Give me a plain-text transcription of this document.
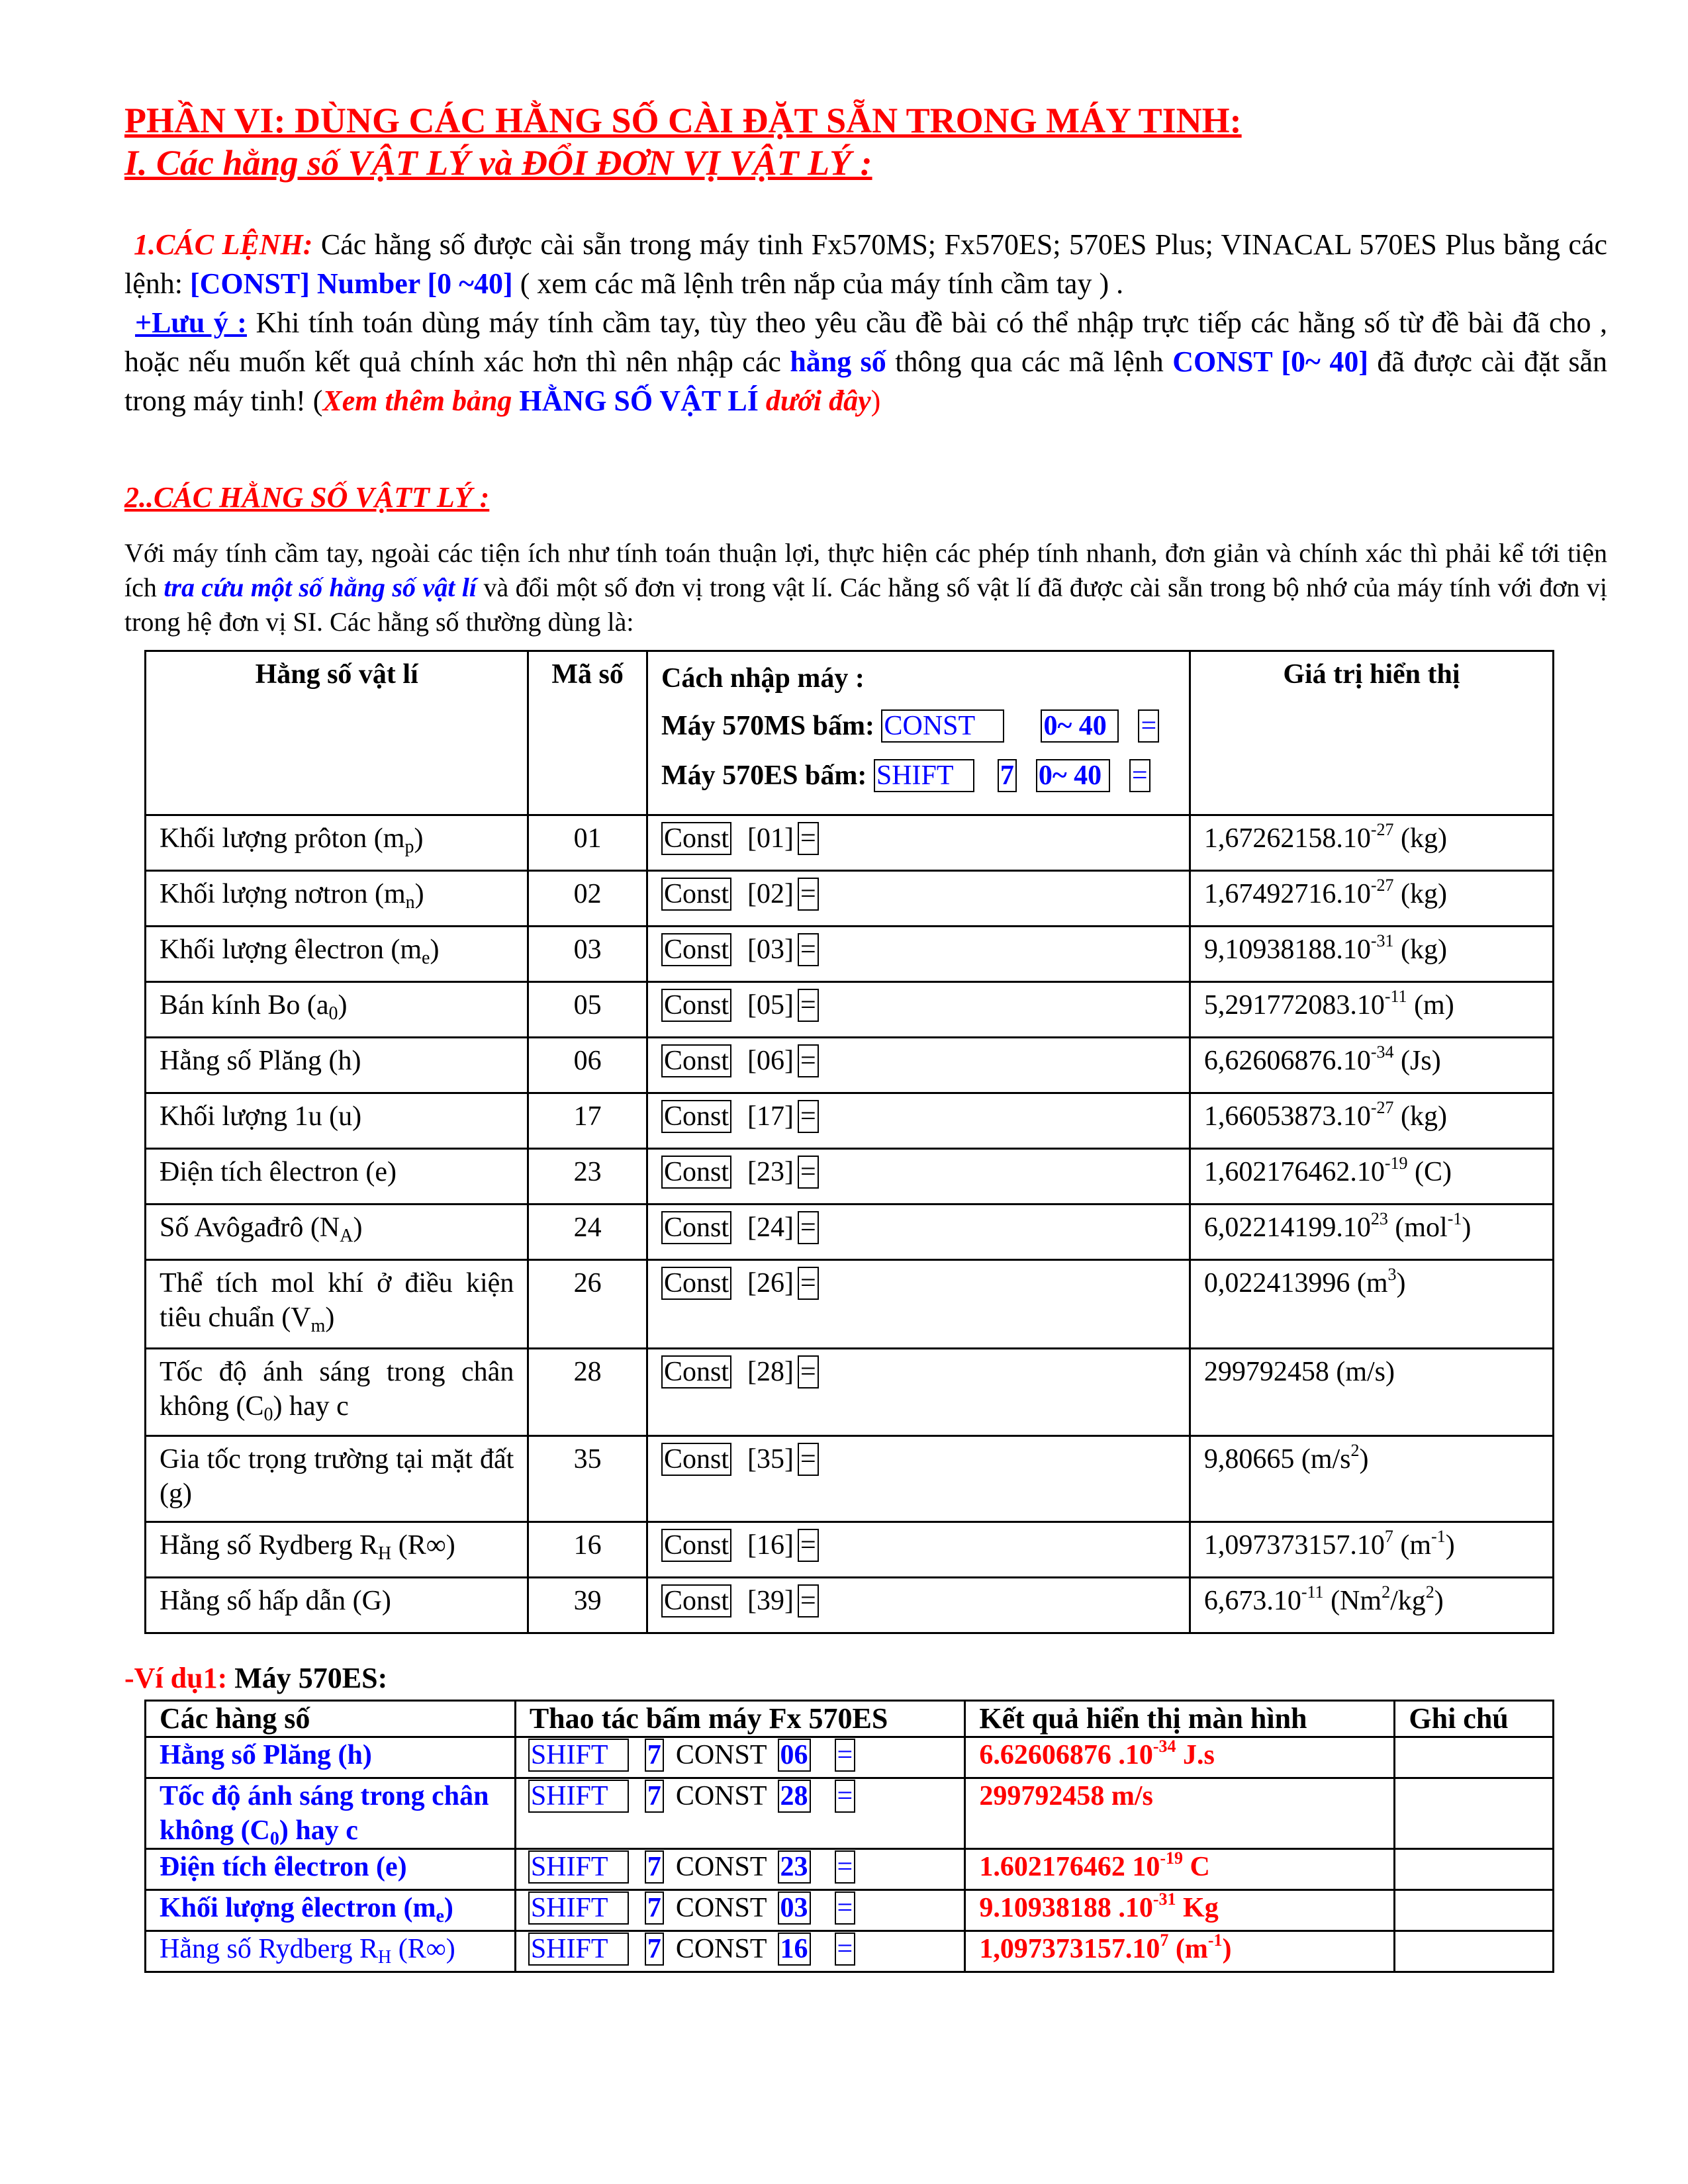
PHẦN VI: DÙNG CÁC HẰNG SỐ CÀI ĐẶT SẴN TRONG MÁY TINH:
I. Các hằng số VẬT LÝ và ĐỔI ĐƠN VỊ VẬT LÝ :
1.CÁC LỆNH: Các hằng số được cài sẵn trong máy tinh Fx570MS; Fx570ES; 570ES Plus; VINACAL 570ES Plus bằng các lệnh: [CONST] Number [0 ~40] ( xem các mã lệnh trên nắp của máy tính cầm tay ) .
+Lưu ý : Khi tính toán dùng máy tính cầm tay, tùy theo yêu cầu đề bài có thể nhập trực tiếp các hằng số từ đề bài đã cho , hoặc nếu muốn kết quả chính xác hơn thì nên nhập các hằng số thông qua các mã lệnh CONST [0~ 40] đã được cài đặt sẵn trong máy tinh! (Xem thêm bảng HẰNG SỐ VẬT LÍ dưới đây)
2..CÁC HẰNG SỐ VẬTT LÝ :
Với máy tính cầm tay, ngoài các tiện ích như tính toán thuận lợi, thực hiện các phép tính nhanh, đơn giản và chính xác thì phải kể tới tiện ích tra cứu một số hằng số vật lí và đổi một số đơn vị trong vật lí. Các hằng số vật lí đã được cài sẵn trong bộ nhớ của máy tính với đơn vị trong hệ đơn vị SI. Các hằng số thường dùng là:
Hằng số vật lí	Mã số	Cách nhập máy :
Máy 570MS bấm: CONST 0~ 40 =
Máy 570ES bấm: SHIFT 7 0~ 40 =	Giá trị hiển thị
Khối lượng prôton $(m_p)$	01	Const [01] =	$1,67262158.10^{-27}$ (kg)
Khối lượng nơtron $(m_n)$	02	Const [02] =	$1,67492716.10^{-27}$ (kg)
Khối lượng êlectron $(m_e)$	03	Const [03] =	$9,10938188.10^{-31}$ (kg)
Bán kính Bo $(a_0)$	05	Const [05] =	$5,291772083.10^{-11}$ (m)
Hằng số Plăng (h)	06	Const [06] =	$6,62606876.10^{-34}$ (Js)
Khối lượng 1u (u)	17	Const [17] =	$1,66053873.10^{-27}$ (kg)
Điện tích êlectron (e)	23	Const [23] =	$1,602176462.10^{-19}$ (C)
Số Avôgađrô $(N_A)$	24	Const [24] =	$6,02214199.10^{23}$ (mol$^{-1}$)
Thể tích mol khí ở điều kiện tiêu chuẩn $(V_m)$	26	Const [26] =	0,022413996 $(m^3)$
Tốc độ ánh sáng trong chân không $(C_0)$ hay c	28	Const [28] =	299792458 (m/s)
Gia tốc trọng trường tại mặt đất (g)	35	Const [35] =	9,80665 $(m/s^2)$
Hằng số Rydberg $R_H$ (R∞)	16	Const [16] =	$1,097373157.10^7$ $(m^{-1})$
Hằng số hấp dẫn (G)	39	Const [39] =	$6,673.10^{-11}$ $(Nm^2/kg^2)$
-Ví dụ1: Máy 570ES:
Các hàng số	Thao tác bấm máy Fx 570ES	Kết quả hiển thị màn hình	Ghi chú
Hằng số Plăng (h)	SHIFT 7 CONST 06 =	6.62606876 $.10^{-34}$ J.s	
Tốc độ ánh sáng trong chân không $(C_0)$ hay c	SHIFT 7 CONST 28 =	299792458 m/s	
Điện tích êlectron (e)	SHIFT 7 CONST 23 =	1.602176462 $10^{-19}$ C	
Khối lượng êlectron $(m_e)$	SHIFT 7 CONST 03 =	9.10938188 $.10^{-31}$ Kg	
Hằng số Rydberg $R_H$ (R∞)	SHIFT 7 CONST 16 =	$1,097373157.10^7$ $(m^{-1})$	
